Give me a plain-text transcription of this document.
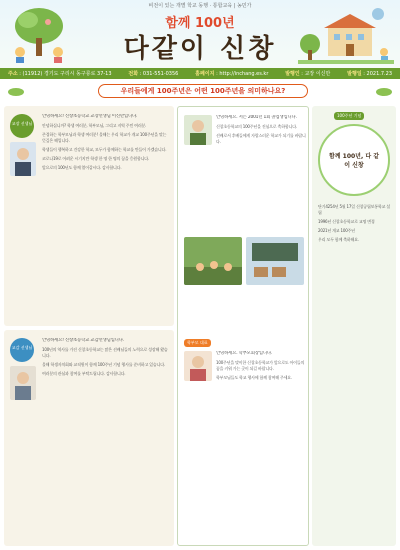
비전이 있는 개별 학교 동행 · 통합교육 | 농민가
함께 100년
다같이 신창
주소 : (11912) 경기도 구리시 동구릉로 37-13	전화 : 031-551-0356	홈페이지 : http://inchang.es.kr	발행인 : 교장 이신만	발행일 : 2021.7.23
우리들에게 100주년은 어떤 100주년을 의미하나요?
교장 선생님

안녕하세요! 신창초등학교 교장선생님 이신만입니다.

안녕하십니까? 학생 여러분, 학부모님, 그리고 지역 주민 여러분.

존경하는 학부모님과 학생 여러분! 올해는 우리 학교가 개교 100주년을 맞는 뜻깊은 해입니다.

학생들이 행복하고 건강한 학교, 모두가 함께하는 학교를 만들어 가겠습니다.

코로나19로 어려운 시기지만 학생 한 명 한 명의 꿈을 응원합니다.

앞으로의 100년도 함께 열어갑시다. 감사합니다.

교감 선생님

안녕하세요! 신창초등학교 교감선생님입니다.

100년의 역사를 가진 신창초등학교는 많은 선배님들의 노력으로 성장해 왔습니다.

올해 학생자치회와 교직원이 함께 100주년 기념 행사를 준비하고 있습니다.

여러분의 관심과 참여를 부탁드립니다. 감사합니다.

안녕하세요. 저는 2001년 1회 졸업생입니다.

신창초등학교의 100주년을 진심으로 축하합니다.

선배로서 후배들에게 자랑스러운 학교가 되기를 바랍니다.

학부모 대표

안녕하세요. 학부모회장입니다.

100주년을 맞이한 신창초등학교가 앞으로도 아이들의 꿈을 키워 가는 곳이 되길 바랍니다.

학부모님들도 학교 행사에 함께 참여해 주세요.

100주년 기념
함께 100년, 다 같이 신창

단기4254년 5월 17일 신창공립보통학교 설립

1996년 신창초등학교로 교명 변경

2021년 개교 100주년

우리 모두 함께 축하해요.
